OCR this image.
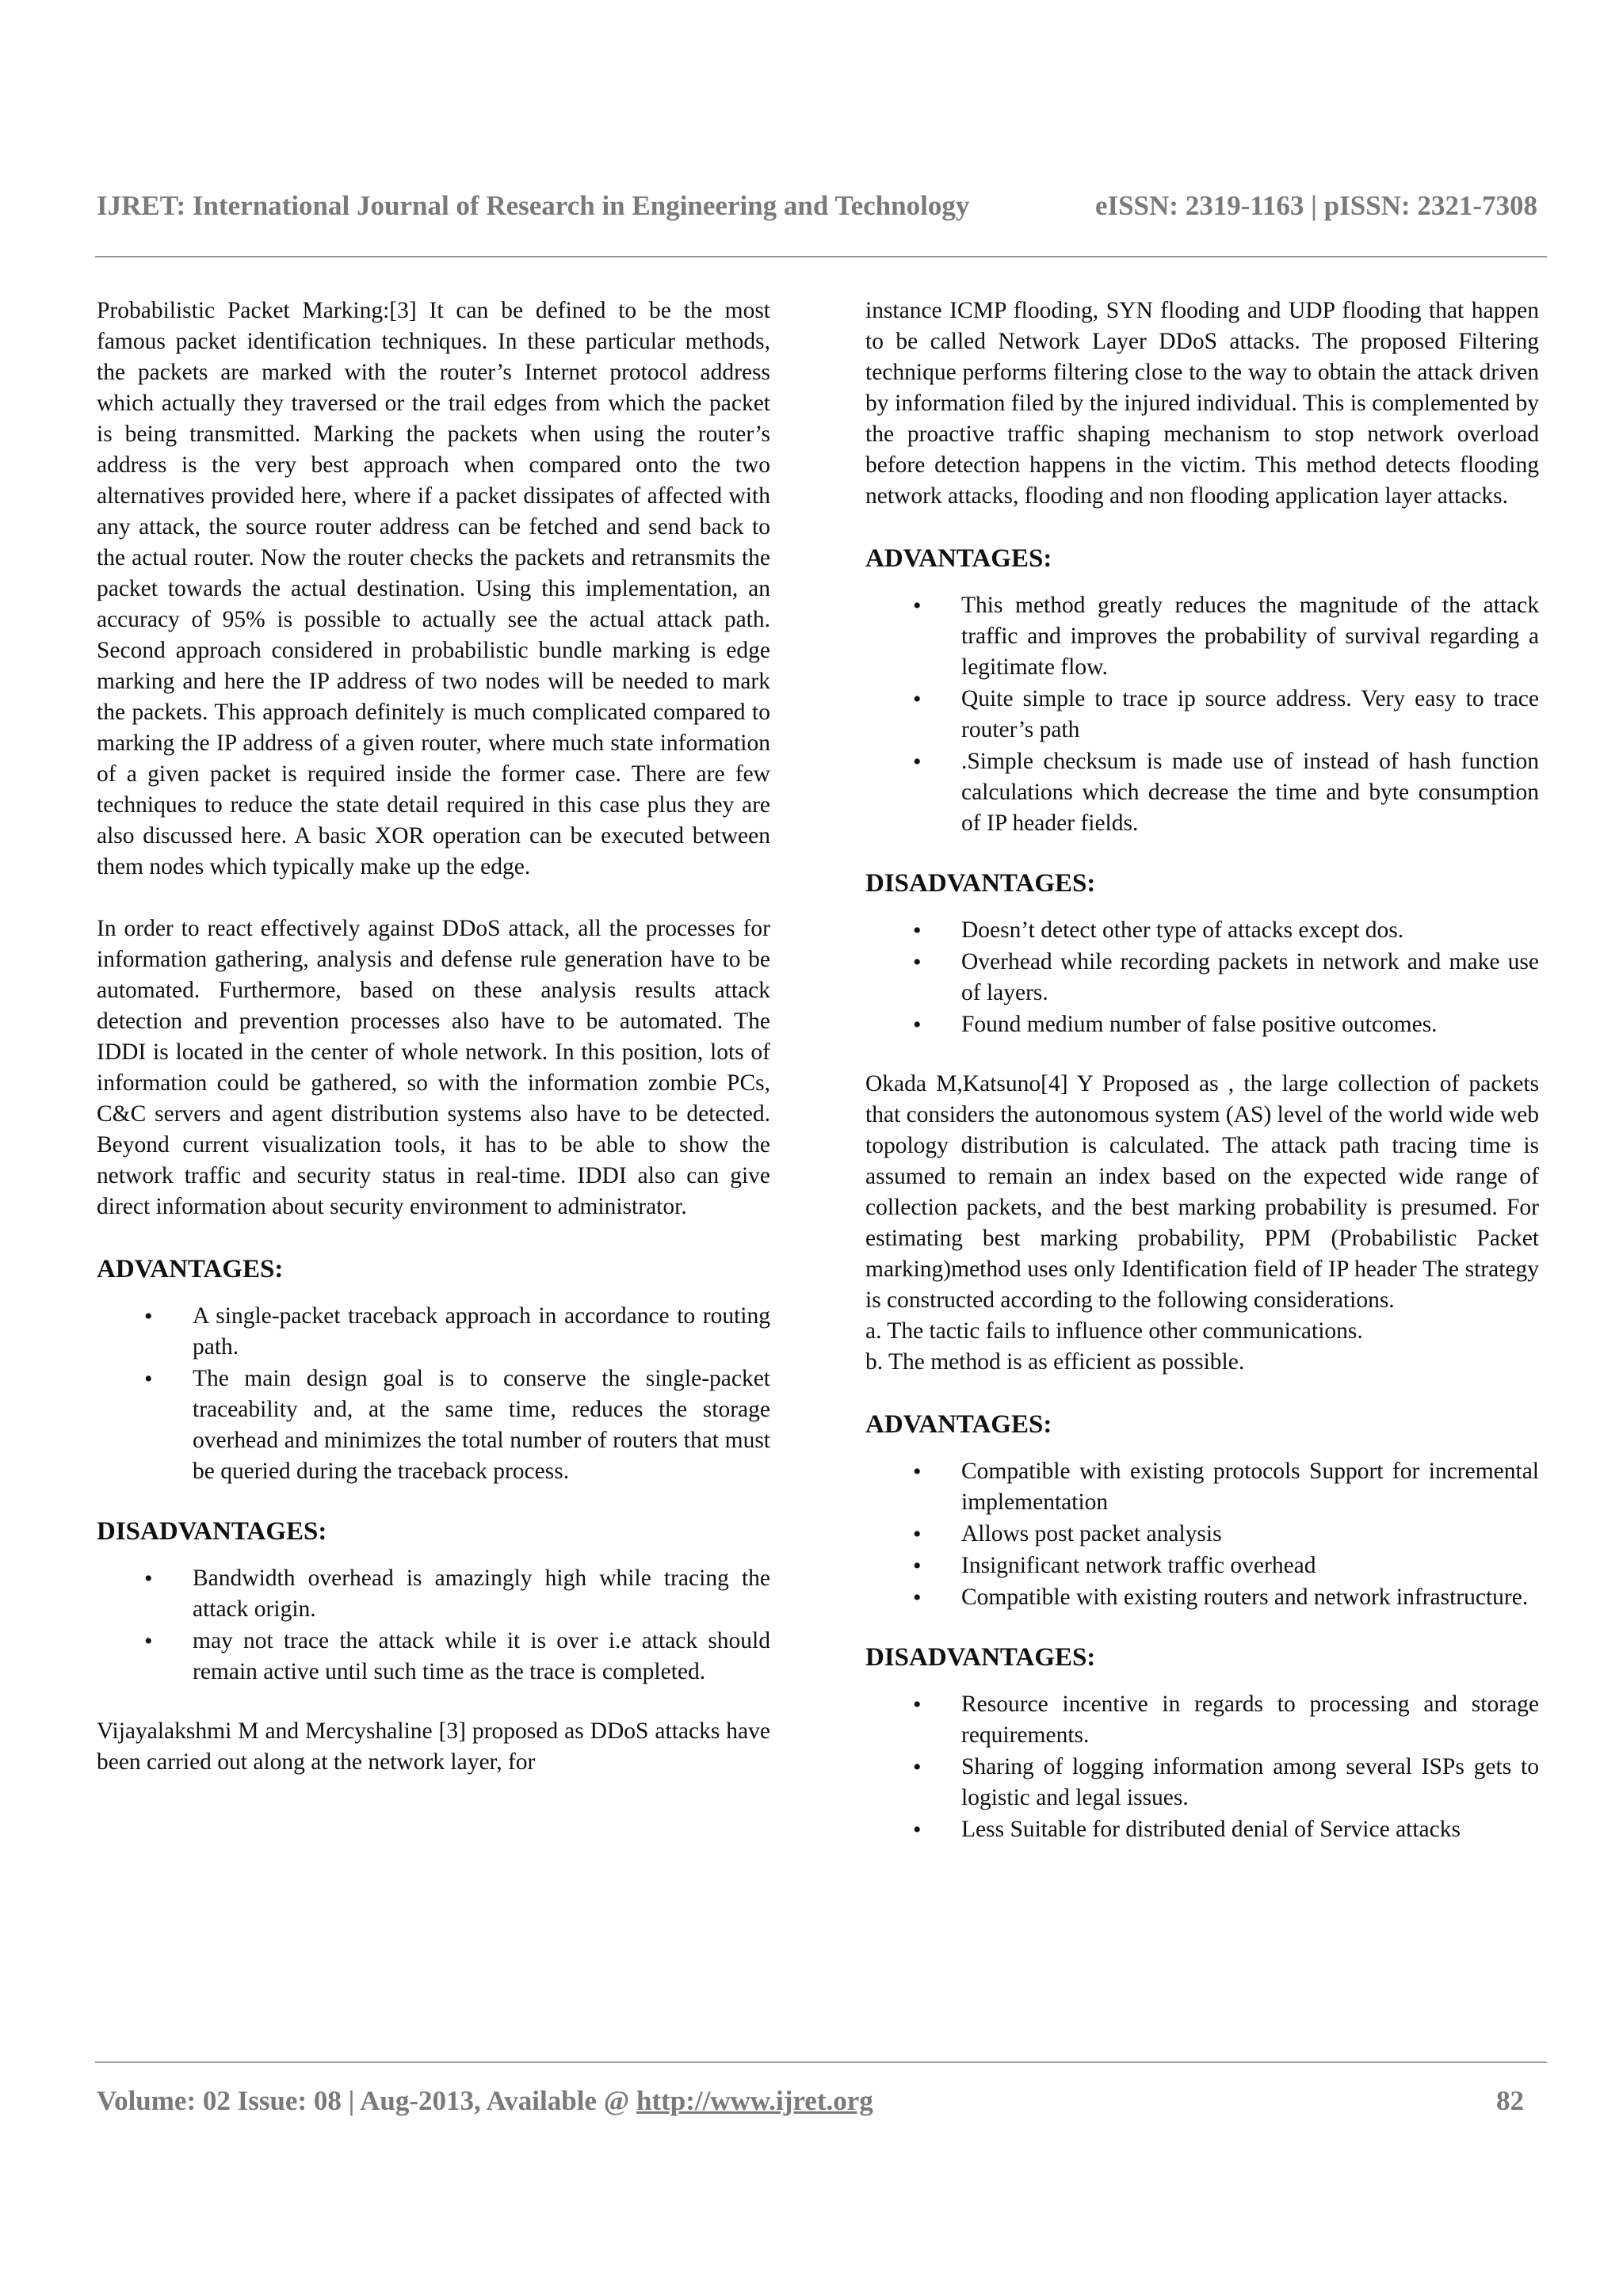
IJRET: International Journal of Research in Engineering and Technology	eISSN: 2319-1163 | pISSN: 2321-7308

Probabilistic Packet Marking:[3] It can be defined to be the most famous packet identification techniques. In these particular methods, the packets are marked with the router’s Internet protocol address which actually they traversed or the trail edges from which the packet is being transmitted. Marking the packets when using the router’s address is the very best approach when compared onto the two alternatives provided here, where if a packet dissipates of affected with any attack, the source router address can be fetched and send back to the actual router. Now the router checks the packets and retransmits the packet towards the actual destination. Using this implementation, an accuracy of 95% is possible to actually see the actual attack path. Second approach considered in probabilistic bundle marking is edge marking and here the IP address of two nodes will be needed to mark the packets. This approach definitely is much complicated compared to marking the IP address of a given router, where much state information of a given packet is required inside the former case. There are few techniques to reduce the state detail required in this case plus they are also discussed here. A basic XOR operation can be executed between them nodes which typically make up the edge.

In order to react effectively against DDoS attack, all the processes for information gathering, analysis and defense rule generation have to be automated. Furthermore, based on these analysis results attack detection and prevention processes also have to be automated. The IDDI is located in the center of whole network. In this position, lots of information could be gathered, so with the information zombie PCs, C&C servers and agent distribution systems also have to be detected. Beyond current visualization tools, it has to be able to show the network traffic and security status in real-time. IDDI also can give direct information about security environment to administrator.

ADVANTAGES:
• A single-packet traceback approach in accordance to routing path.
• The main design goal is to conserve the single-packet traceability and, at the same time, reduces the storage overhead and minimizes the total number of routers that must be queried during the traceback process.
DISADVANTAGES:
• Bandwidth overhead is amazingly high while tracing the attack origin.
• may not trace the attack while it is over i.e attack should remain active until such time as the trace is completed.

Vijayalakshmi M and Mercyshaline [3] proposed as DDoS attacks have been carried out along at the network layer, for

instance ICMP flooding, SYN flooding and UDP flooding that happen to be called Network Layer DDoS attacks. The proposed Filtering technique performs filtering close to the way to obtain the attack driven by information filed by the injured individual. This is complemented by the proactive traffic shaping mechanism to stop network overload before detection happens in the victim. This method detects flooding network attacks, flooding and non flooding application layer attacks.

ADVANTAGES:
• This method greatly reduces the magnitude of the attack traffic and improves the probability of survival regarding a legitimate flow.
• Quite simple to trace ip source address. Very easy to trace router’s path
• .Simple checksum is made use of instead of hash function calculations which decrease the time and byte consumption of IP header fields.
DISADVANTAGES:
• Doesn’t detect other type of attacks except dos.
• Overhead while recording packets in network and make use of layers.
• Found medium number of false positive outcomes.

Okada M,Katsuno[4] Y Proposed as , the large collection of packets that considers the autonomous system (AS) level of the world wide web topology distribution is calculated. The attack path tracing time is assumed to remain an index based on the expected wide range of collection packets, and the best marking probability is presumed. For estimating best marking probability, PPM (Probabilistic Packet marking)method uses only Identification field of IP header The strategy is constructed according to the following considerations.

a. The tactic fails to influence other communications.

b. The method is as efficient as possible.

ADVANTAGES:
• Compatible with existing protocols Support for incremental implementation
• Allows post packet analysis
• Insignificant network traffic overhead
• Compatible with existing routers and network infrastructure.
DISADVANTAGES:
• Resource incentive in regards to processing and storage requirements.
• Sharing of logging information among several ISPs gets to logistic and legal issues.
• Less Suitable for distributed denial of Service attacks
Volume: 02 Issue: 08 | Aug-2013, Available @ http://www.ijret.org	82
